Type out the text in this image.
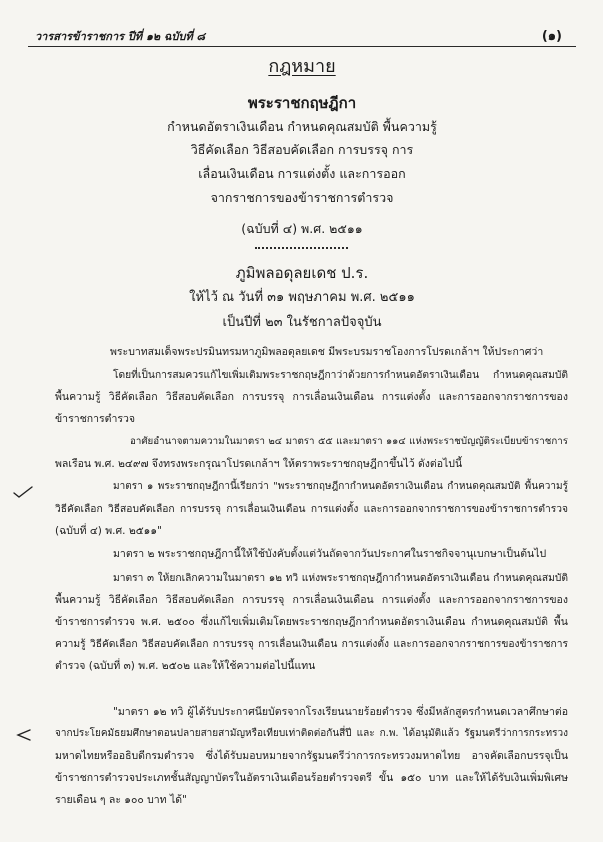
วารสารข้าราชการ ปีที่ ๑๒ ฉบับที่ ๘	(๑)
กฎหมาย
พระราชกฤษฎีกา
กำหนดอัตราเงินเดือน กำหนดคุณสมบัติ พื้นความรู้
วิธีคัดเลือก วิธีสอบคัดเลือก การบรรจุ การ
เลื่อนเงินเดือน การแต่งตั้ง และการออก
จากราชการของข้าราชการตำรวจ
(ฉบับที่ ๔) พ.ศ. ๒๕๑๑
ภูมิพลอดุลยเดช ป.ร.
ให้ไว้ ณ วันที่ ๓๑ พฤษภาคม พ.ศ. ๒๕๑๑
เป็นปีที่ ๒๓ ในรัชกาลปัจจุบัน
พระบาทสมเด็จพระปรมินทรมหาภูมิพลอดุลยเดช มีพระบรมราชโองการโปรดเกล้าฯ ให้ประกาศว่า
โดยที่เป็นการสมควรแก้ไขเพิ่มเติมพระราชกฤษฎีกาว่าด้วยการกำหนดอัตราเงินเดือน กำหนดคุณสมบัติ
พื้นความรู้ วิธีคัดเลือก วิธีสอบคัดเลือก การบรรจุ การเลื่อนเงินเดือน การแต่งตั้ง และการออกจากราชการของ
ข้าราชการตำรวจ
อาศัยอำนาจตามความในมาตรา ๒๔ มาตรา ๕๕ และมาตรา ๑๑๔ แห่งพระราชบัญญัติระเบียบข้าราชการ
พลเรือน พ.ศ. ๒๔๙๗ จึงทรงพระกรุณาโปรดเกล้าฯ ให้ตราพระราชกฤษฎีกาขึ้นไว้ ดังต่อไปนี้
มาตรา ๑ พระราชกฤษฎีกานี้เรียกว่า "พระราชกฤษฎีกากำหนดอัตราเงินเดือน กำหนดคุณสมบัติ พื้นความรู้
วิธีคัดเลือก วิธีสอบคัดเลือก การบรรจุ การเลื่อนเงินเดือน การแต่งตั้ง และการออกจากราชการของข้าราชการตำรวจ
(ฉบับที่ ๔) พ.ศ. ๒๕๑๑"
มาตรา ๒ พระราชกฤษฎีกานี้ให้ใช้บังคับตั้งแต่วันถัดจากวันประกาศในราชกิจจานุเบกษาเป็นต้นไป
มาตรา ๓ ให้ยกเลิกความในมาตรา ๑๒ ทวิ แห่งพระราชกฤษฎีกากำหนดอัตราเงินเดือน กำหนดคุณสมบัติ
พื้นความรู้ วิธีคัดเลือก วิธีสอบคัดเลือก การบรรจุ การเลื่อนเงินเดือน การแต่งตั้ง และการออกจากราชการของ
ข้าราชการตำรวจ พ.ศ. ๒๕๐๐ ซึ่งแก้ไขเพิ่มเติมโดยพระราชกฤษฎีกากำหนดอัตราเงินเดือน กำหนดคุณสมบัติ พื้น
ความรู้ วิธีคัดเลือก วิธีสอบคัดเลือก การบรรจุ การเลื่อนเงินเดือน การแต่งตั้ง และการออกจากราชการของข้าราชการ
ตำรวจ (ฉบับที่ ๓) พ.ศ. ๒๕๐๒ และให้ใช้ความต่อไปนี้แทน
"มาตรา ๑๒ ทวิ ผู้ได้รับประกาศนียบัตรจากโรงเรียนนายร้อยตำรวจ ซึ่งมีหลักสูตรกำหนดเวลาศึกษาต่อ
จากประโยคมัธยมศึกษาตอนปลายสายสามัญหรือเทียบเท่าติดต่อกันสี่ปี และ ก.พ. ได้อนุมัติแล้ว รัฐมนตรีว่าการกระทรวง
มหาดไทยหรืออธิบดีกรมตำรวจ ซึ่งได้รับมอบหมายจากรัฐมนตรีว่าการกระทรวงมหาดไทย อาจคัดเลือกบรรจุเป็น
ข้าราชการตำรวจประเภทชั้นสัญญาบัตรในอัตราเงินเดือนร้อยตำรวจตรี ขั้น ๑๕๐ บาท และให้ได้รับเงินเพิ่มพิเศษ
รายเดือน ๆ ละ ๑๐๐ บาท ได้"
